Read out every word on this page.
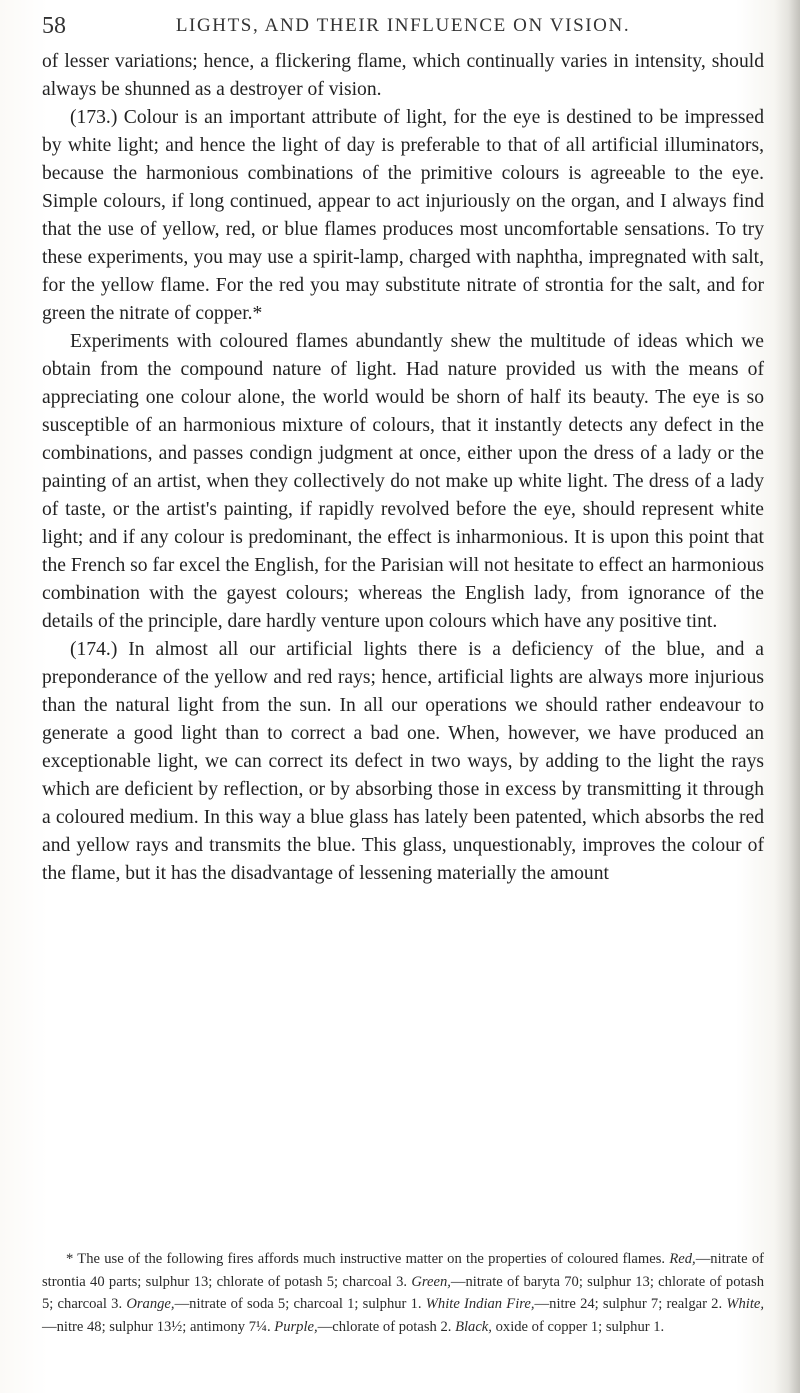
58	LIGHTS, AND THEIR INFLUENCE ON VISION.

of lesser variations; hence, a flickering flame, which continually varies in intensity, should always be shunned as a destroyer of vision.

(173.) Colour is an important attribute of light, for the eye is destined to be impressed by white light; and hence the light of day is preferable to that of all artificial illuminators, because the harmonious combinations of the primitive colours is agreeable to the eye. Simple colours, if long continued, appear to act injuriously on the organ, and I always find that the use of yellow, red, or blue flames produces most uncomfortable sensations. To try these experiments, you may use a spirit-lamp, charged with naphtha, impregnated with salt, for the yellow flame. For the red you may substitute nitrate of strontia for the salt, and for green the nitrate of copper.*

Experiments with coloured flames abundantly shew the multitude of ideas which we obtain from the compound nature of light. Had nature provided us with the means of appreciating one colour alone, the world would be shorn of half its beauty. The eye is so susceptible of an harmonious mixture of colours, that it instantly detects any defect in the combinations, and passes condign judgment at once, either upon the dress of a lady or the painting of an artist, when they collectively do not make up white light. The dress of a lady of taste, or the artist's painting, if rapidly revolved before the eye, should represent white light; and if any colour is predominant, the effect is inharmonious. It is upon this point that the French so far excel the English, for the Parisian will not hesitate to effect an harmonious combination with the gayest colours; whereas the English lady, from ignorance of the details of the principle, dare hardly venture upon colours which have any positive tint.

(174.) In almost all our artificial lights there is a deficiency of the blue, and a preponderance of the yellow and red rays; hence, artificial lights are always more injurious than the natural light from the sun. In all our operations we should rather endeavour to generate a good light than to correct a bad one. When, however, we have produced an exceptionable light, we can correct its defect in two ways, by adding to the light the rays which are deficient by reflection, or by absorbing those in excess by transmitting it through a coloured medium. In this way a blue glass has lately been patented, which absorbs the red and yellow rays and transmits the blue. This glass, unquestionably, improves the colour of the flame, but it has the disadvantage of lessening materially the amount

* The use of the following fires affords much instructive matter on the properties of coloured flames. Red,—nitrate of strontia 40 parts; sulphur 13; chlorate of potash 5; charcoal 3. Green,—nitrate of baryta 70; sulphur 13; chlorate of potash 5; charcoal 3. Orange,—nitrate of soda 5; charcoal 1; sulphur 1. White Indian Fire,—nitre 24; sulphur 7; realgar 2. White,—nitre 48; sulphur 13½; antimony 7¼. Purple,—chlorate of potash 2. Black, oxide of copper 1; sulphur 1.
